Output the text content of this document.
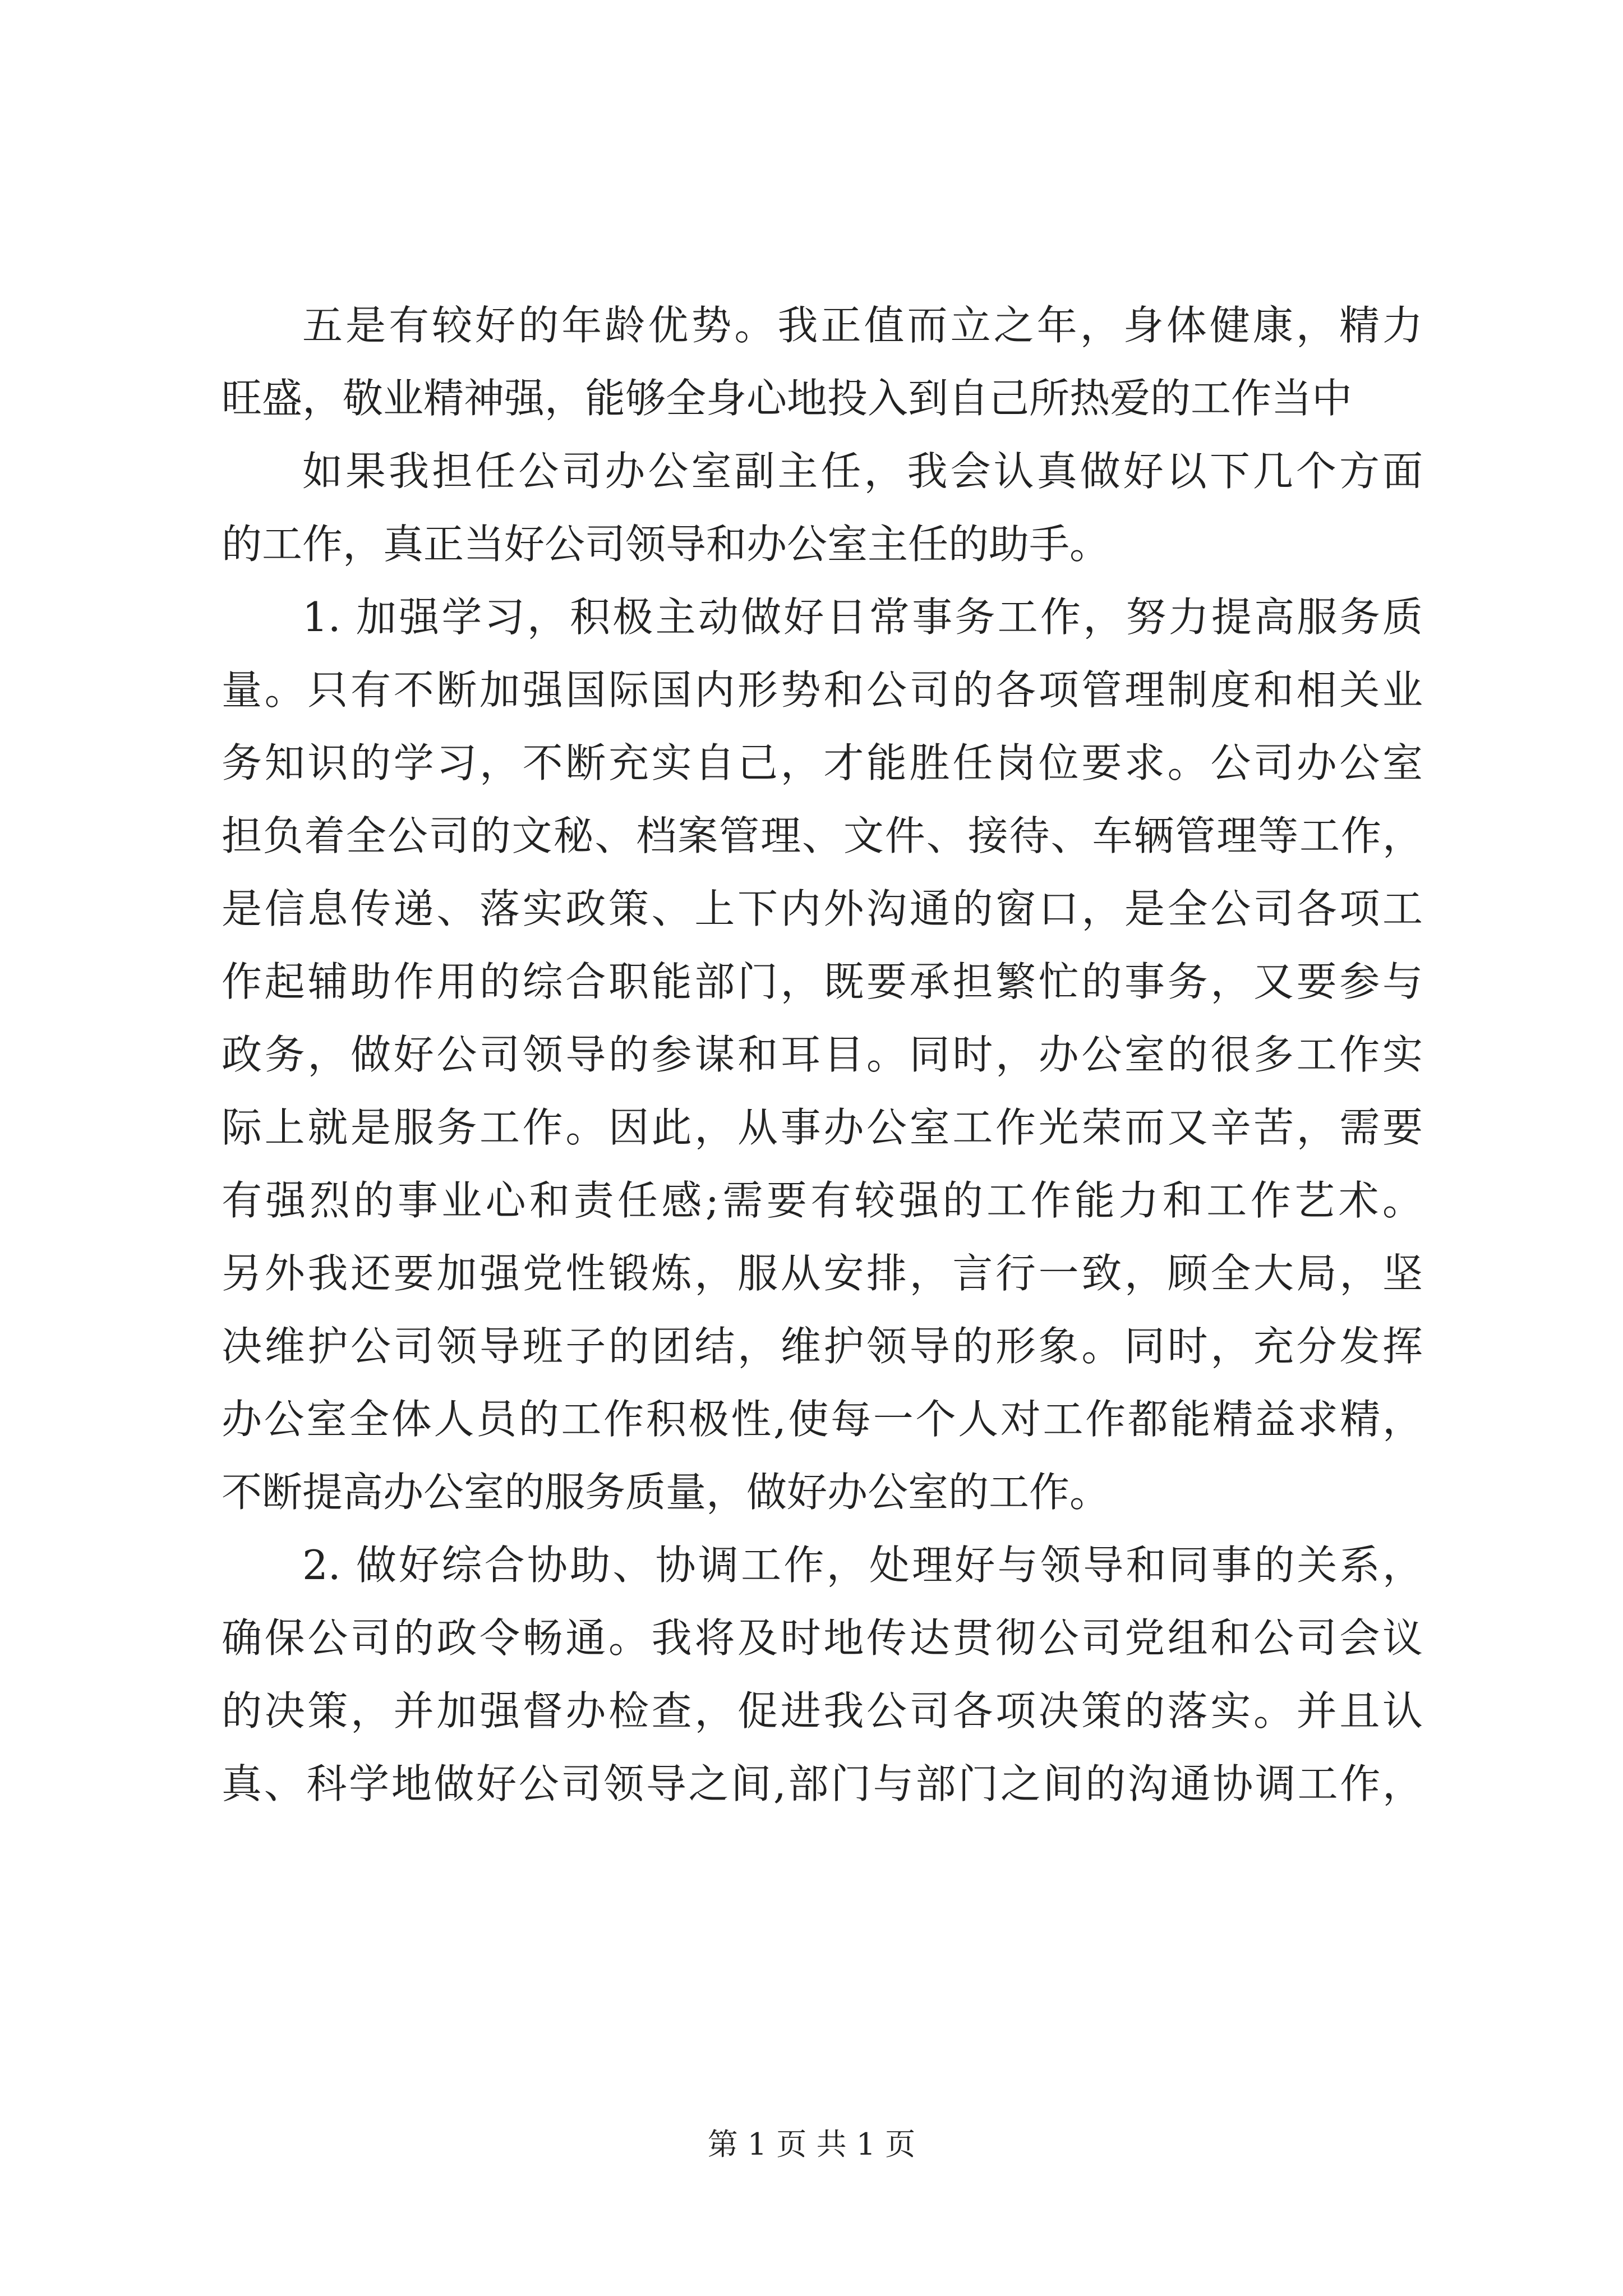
五是有较好的年龄优势。我正值而立之年，身体健康，精力
旺盛，敬业精神强，能够全身心地投入到自己所热爱的工作当中
如果我担任公司办公室副主任，我会认真做好以下几个方面
的工作，真正当好公司领导和办公室主任的助手。
1. 加强学习，积极主动做好日常事务工作，努力提高服务质
量。只有不断加强国际国内形势和公司的各项管理制度和相关业
务知识的学习，不断充实自己，才能胜任岗位要求。公司办公室
担负着全公司的文秘、档案管理、文件、接待、车辆管理等工作，
是信息传递、落实政策、上下内外沟通的窗口，是全公司各项工
作起辅助作用的综合职能部门，既要承担繁忙的事务，又要参与
政务，做好公司领导的参谋和耳目。同时，办公室的很多工作实
际上就是服务工作。因此，从事办公室工作光荣而又辛苦，需要
有强烈的事业心和责任感;需要有较强的工作能力和工作艺术。
另外我还要加强党性锻炼，服从安排，言行一致，顾全大局，坚
决维护公司领导班子的团结，维护领导的形象。同时，充分发挥
办公室全体人员的工作积极性,使每一个人对工作都能精益求精，
不断提高办公室的服务质量，做好办公室的工作。
2. 做好综合协助、协调工作，处理好与领导和同事的关系，
确保公司的政令畅通。我将及时地传达贯彻公司党组和公司会议
的决策，并加强督办检查，促进我公司各项决策的落实。并且认
真、科学地做好公司领导之间,部门与部门之间的沟通协调工作，
第 1 页 共 1 页
